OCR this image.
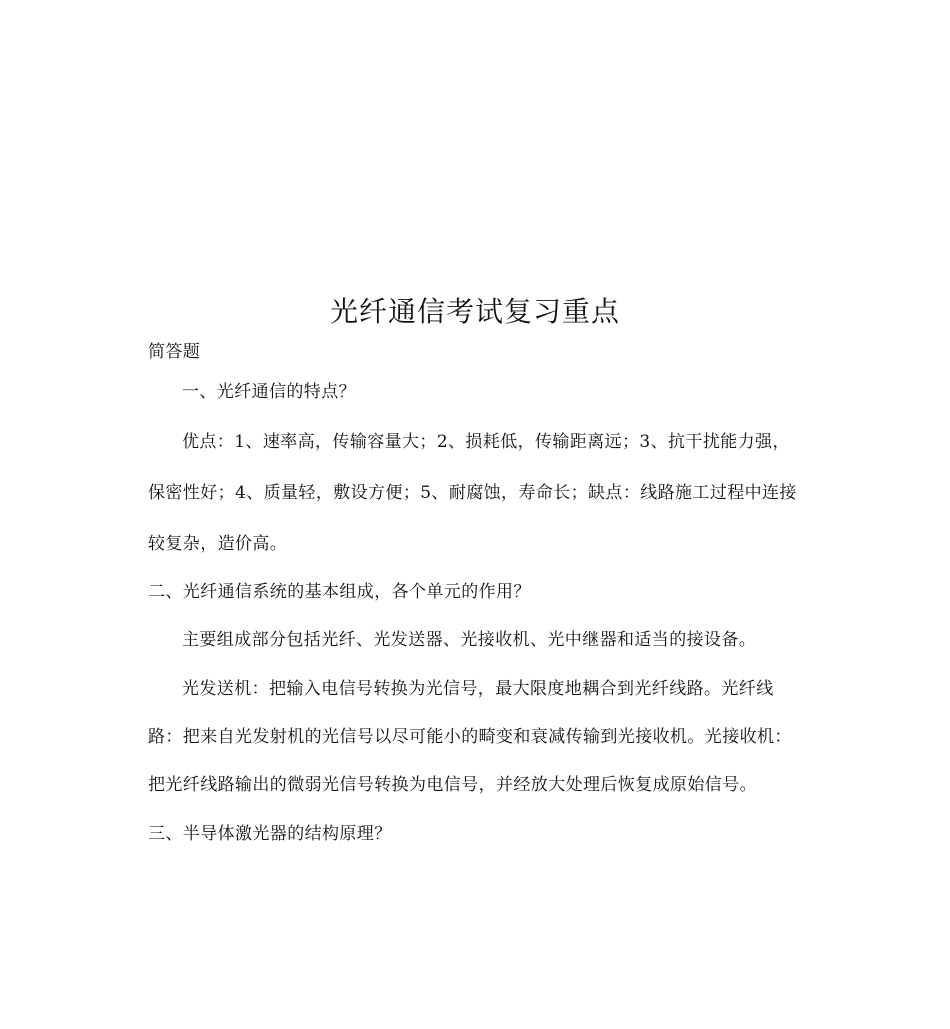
光纤通信考试复习重点
简答题
一、光纤通信的特点？
优点：1、速率高，传输容量大；2、损耗低，传输距离远；3、抗干扰能力强，
保密性好；4、质量轻，敷设方便；5、耐腐蚀，寿命长；缺点：线路施工过程中连接
较复杂，造价高。
二、光纤通信系统的基本组成，各个单元的作用？
主要组成部分包括光纤、光发送器、光接收机、光中继器和适当的接设备。
光发送机：把输入电信号转换为光信号，最大限度地耦合到光纤线路。光纤线
路：把来自光发射机的光信号以尽可能小的畸变和衰减传输到光接收机。光接收机：
把光纤线路输出的微弱光信号转换为电信号，并经放大处理后恢复成原始信号。
三、半导体激光器的结构原理？
